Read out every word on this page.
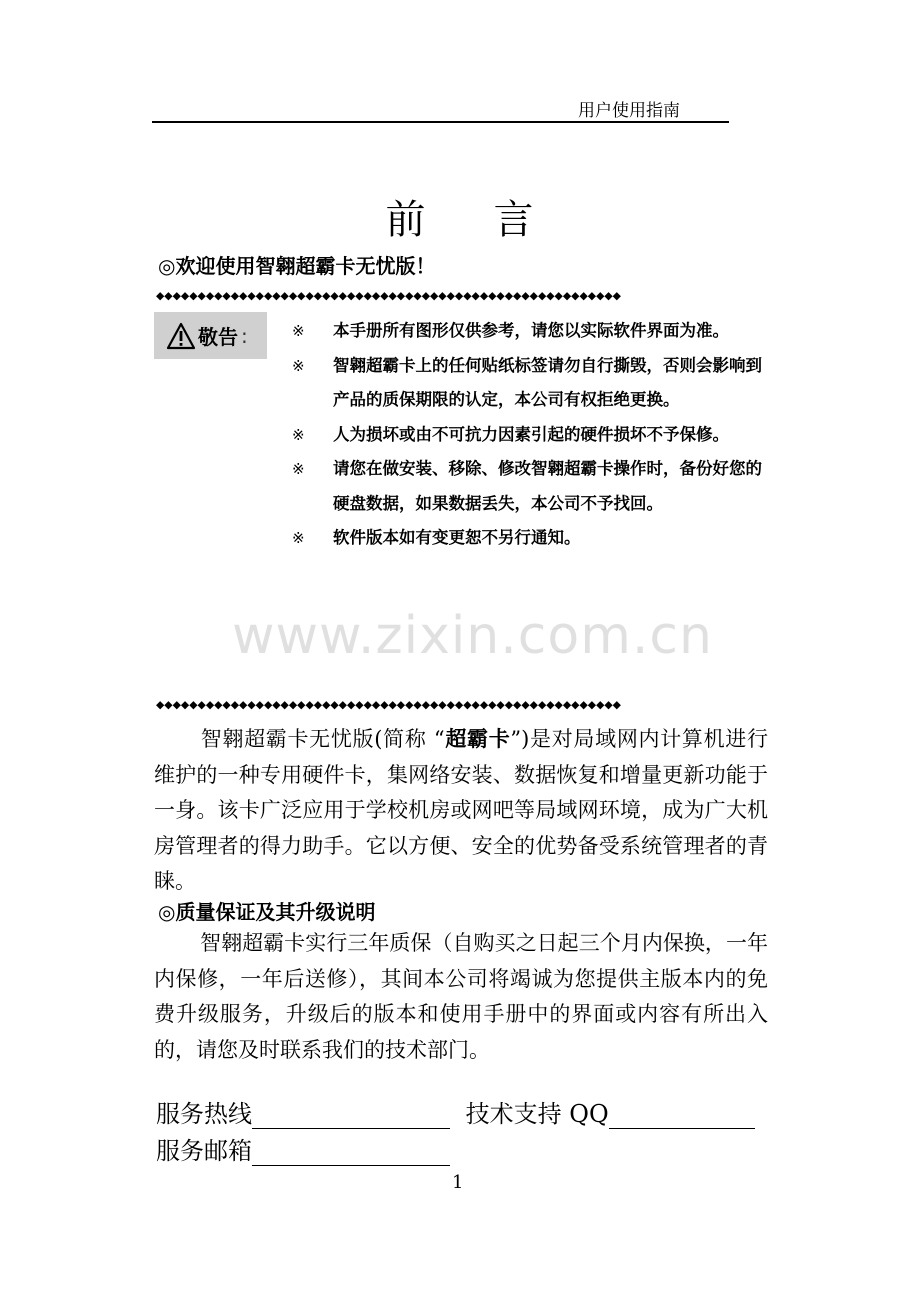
用户使用指南
前言
◎欢迎使用智翱超霸卡无忧版！
◆◆◆◆◆◆◆◆◆◆◆◆◆◆◆◆◆◆◆◆◆◆◆◆◆◆◆◆◆◆◆◆◆◆◆◆◆◆◆◆◆◆◆◆◆◆◆◆◆◆◆◆◆◆◆◆
敬告 :	※	本手册所有图形仅供参考，请您以实际软件界面为准。
※	智翱超霸卡上的任何贴纸标签请勿自行撕毁，否则会影响到产品的质保期限的认定，本公司有权拒绝更换。
※	人为损坏或由不可抗力因素引起的硬件损坏不予保修。
※	请您在做安装、移除、修改智翱超霸卡操作时，备份好您的硬盘数据，如果数据丢失，本公司不予找回。
※	软件版本如有变更恕不另行通知。
www.zixin.com.cn
◆◆◆◆◆◆◆◆◆◆◆◆◆◆◆◆◆◆◆◆◆◆◆◆◆◆◆◆◆◆◆◆◆◆◆◆◆◆◆◆◆◆◆◆◆◆◆◆◆◆◆◆◆◆◆◆
智翱超霸卡无忧版(简称 “超霸卡”)是对局域网内计算机进行维护的一种专用硬件卡，集网络安装、数据恢复和增量更新功能于一身。该卡广泛应用于学校机房或网吧等局域网环境，成为广大机房管理者的得力助手。它以方便、安全的优势备受系统管理者的青睐。
◎质量保证及其升级说明
智翱超霸卡实行三年质保（自购买之日起三个月内保换，一年内保修，一年后送修），其间本公司将竭诚为您提供主版本内的免费升级服务，升级后的版本和使用手册中的界面或内容有所出入的，请您及时联系我们的技术部门。
服务热线	技术支持 QQ
服务邮箱
1
